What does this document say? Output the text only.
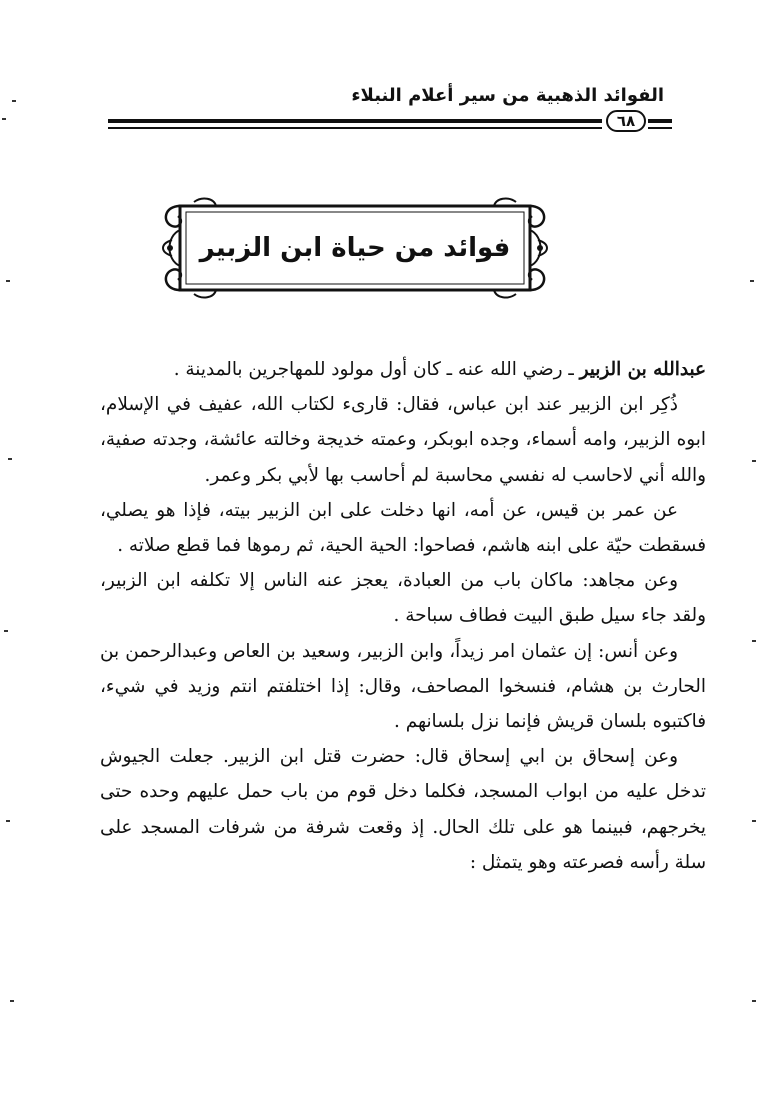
الفوائد الذهبية من سير أعلام النبلاء
٦٨
فوائد من حياة ابن الزبير

عبدالله بن الزبير ـ رضي الله عنه ـ كان أول مولود للمهاجرين بالمدينة .

ذُكِر ابن الزبير عند ابن عباس، فقال: قارىء لكتاب الله، عفيف في الإسلام، ابوه الزبير، وامه أسماء، وجده ابوبكر، وعمته خديجة وخالته عائشة، وجدته صفية، والله أني لاحاسب له نفسي محاسبة لم أحاسب بها لأبي بكر وعمر.

عن عمر بن قيس، عن أمه، انها دخلت على ابن الزبير بيته، فإذا هو يصلي، فسقطت حيّة على ابنه هاشم، فصاحوا: الحية الحية، ثم رموها فما قطع صلاته .

وعن مجاهد: ماكان باب من العبادة، يعجز عنه الناس إلا تكلفه ابن الزبير، ولقد جاء سيل طبق البيت فطاف سباحة .

وعن أنس: إن عثمان امر زيداً، وابن الزبير، وسعيد بن العاص وعبدالرحمن بن الحارث بن هشام، فنسخوا المصاحف، وقال: إذا اختلفتم انتم وزيد في شيء، فاكتبوه بلسان قريش فإنما نزل بلسانهم .

وعن إسحاق بن ابي إسحاق قال: حضرت قتل ابن الزبير. جعلت الجيوش تدخل عليه من ابواب المسجد، فكلما دخل قوم من باب حمل عليهم وحده حتى يخرجهم، فبينما هو على تلك الحال. إذ وقعت شرفة من شرفات المسجد على سلة رأسه فصرعته وهو يتمثل :
